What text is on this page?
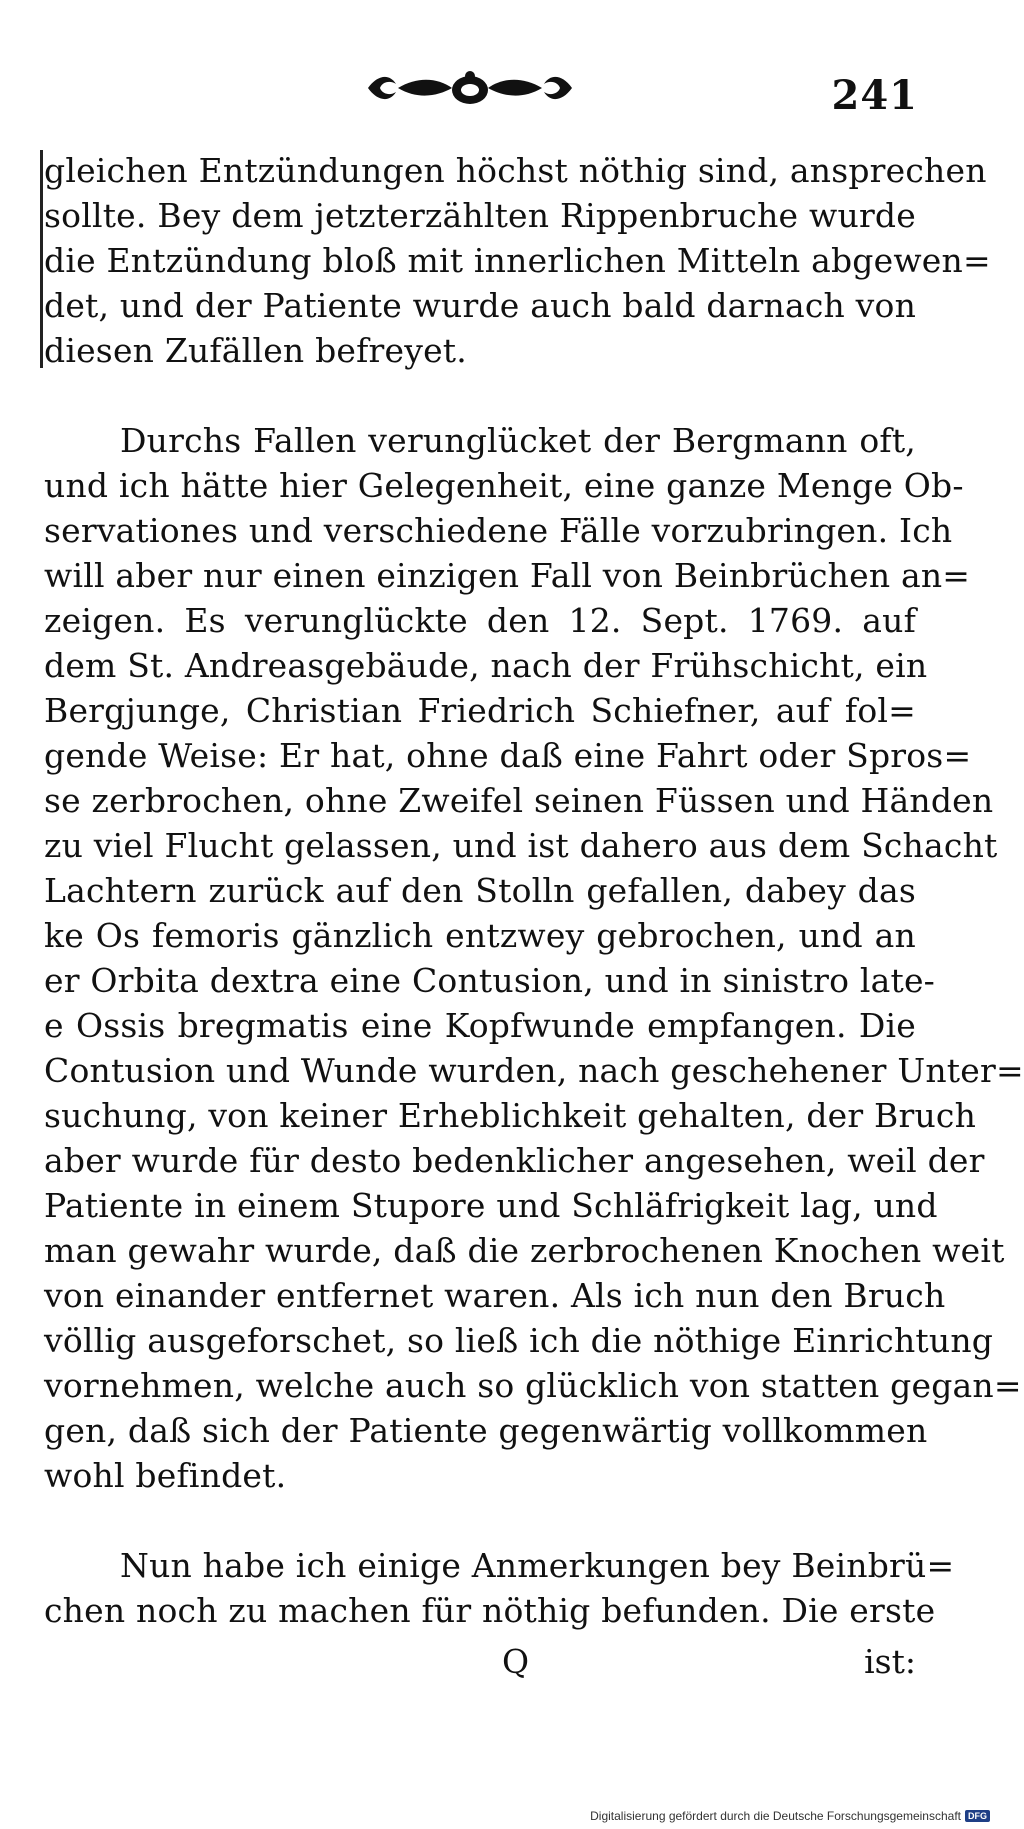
241
gleichen Entzündungen höchst nöthig sind, ansprechen
sollte. Bey dem jetzterzählten Rippenbruche wurde
die Entzündung bloß mit innerlichen Mitteln abgewen=
det, und der Patiente wurde auch bald darnach von
diesen Zufällen befreyet.
Durchs Fallen verunglücket der Bergmann oft,
und ich hätte hier Gelegenheit, eine ganze Menge Ob-
servationes und verschiedene Fälle vorzubringen. Ich
will aber nur einen einzigen Fall von Beinbrüchen an=
zeigen. Es verunglückte den 12. Sept. 1769. auf
dem St. Andreasgebäude, nach der Frühschicht, ein
Bergjunge, Christian Friedrich Schiefner, auf fol=
gende Weise: Er hat, ohne daß eine Fahrt oder Spros=
se zerbrochen, ohne Zweifel seinen Füssen und Händen
zu viel Flucht gelassen, und ist dahero aus dem Schacht
Lachtern zurück auf den Stolln gefallen, dabey das
ke Os femoris gänzlich entzwey gebrochen, und an
er Orbita dextra eine Contusion, und in sinistro late-
e Ossis bregmatis eine Kopfwunde empfangen. Die
Contusion und Wunde wurden, nach geschehener Unter=
suchung, von keiner Erheblichkeit gehalten, der Bruch
aber wurde für desto bedenklicher angesehen, weil der
Patiente in einem Stupore und Schläfrigkeit lag, und
man gewahr wurde, daß die zerbrochenen Knochen weit
von einander entfernet waren. Als ich nun den Bruch
völlig ausgeforschet, so ließ ich die nöthige Einrichtung
vornehmen, welche auch so glücklich von statten gegan=
gen, daß sich der Patiente gegenwärtig vollkommen
wohl befindet.
Nun habe ich einige Anmerkungen bey Beinbrü=
chen noch zu machen für nöthig befunden. Die erste
Q	ist:
Digitalisierung gefördert durch die Deutsche Forschungsgemeinschaft DFG
